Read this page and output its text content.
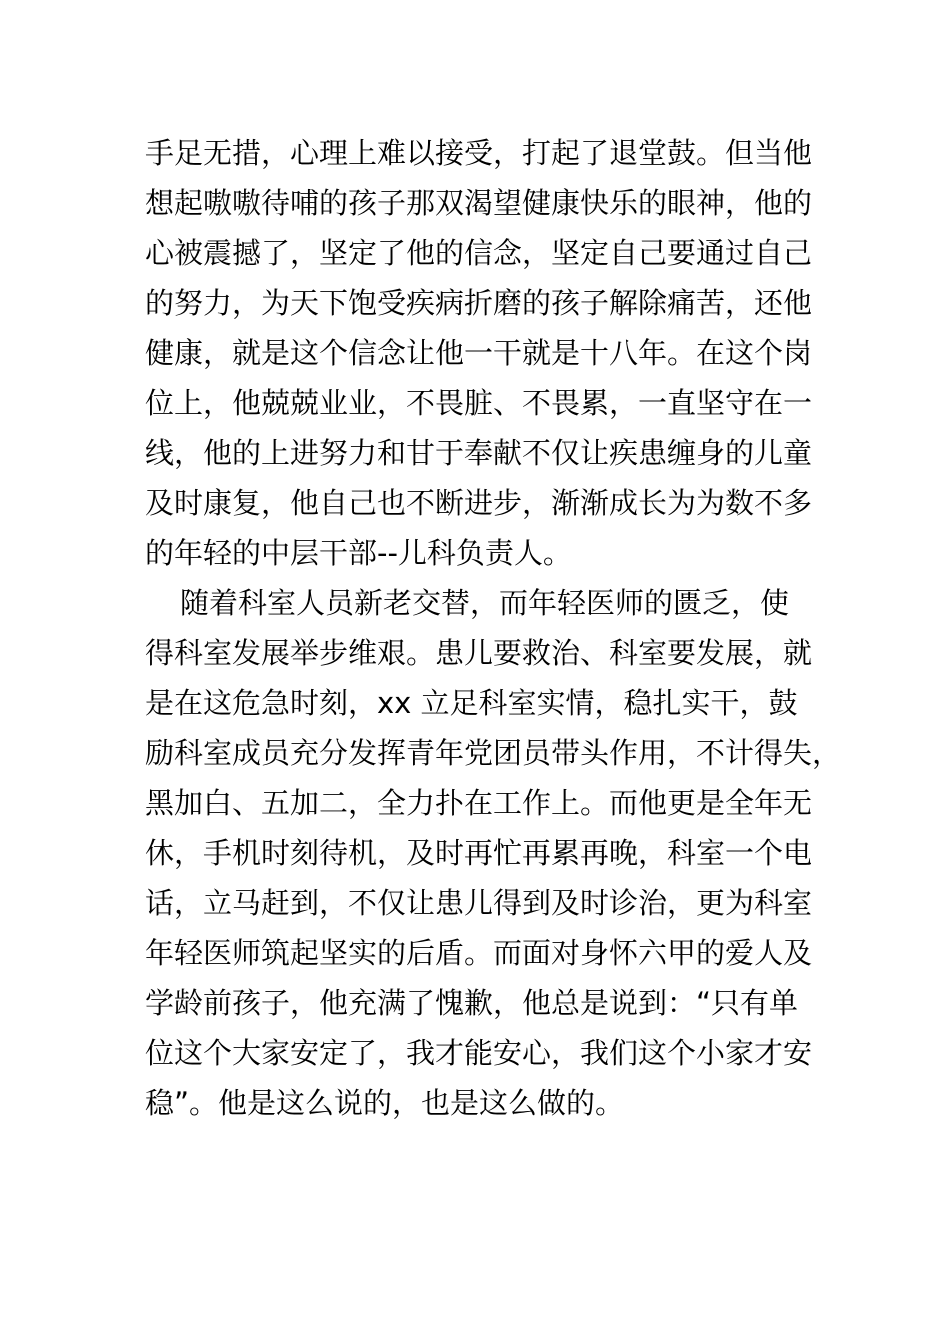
手足无措，心理上难以接受，打起了退堂鼓。但当他
想起嗷嗷待哺的孩子那双渴望健康快乐的眼神，他的
心被震撼了，坚定了他的信念，坚定自己要通过自己
的努力，为天下饱受疾病折磨的孩子解除痛苦，还他
健康，就是这个信念让他一干就是十八年。在这个岗
位上，他兢兢业业，不畏脏、不畏累，一直坚守在一
线，他的上进努力和甘于奉献不仅让疾患缠身的儿童
及时康复，他自己也不断进步，渐渐成长为为数不多
的年轻的中层干部--儿科负责人。
随着科室人员新老交替，而年轻医师的匮乏，使
得科室发展举步维艰。患儿要救治、科室要发展，就
是在这危急时刻，xx 立足科室实情，稳扎实干，鼓
励科室成员充分发挥青年党团员带头作用，不计得失，
黑加白、五加二，全力扑在工作上。而他更是全年无
休，手机时刻待机，及时再忙再累再晚，科室一个电
话，立马赶到，不仅让患儿得到及时诊治，更为科室
年轻医师筑起坚实的后盾。而面对身怀六甲的爱人及
学龄前孩子，他充满了愧歉，他总是说到：“只有单
位这个大家安定了，我才能安心，我们这个小家才安
稳”。他是这么说的，也是这么做的。
